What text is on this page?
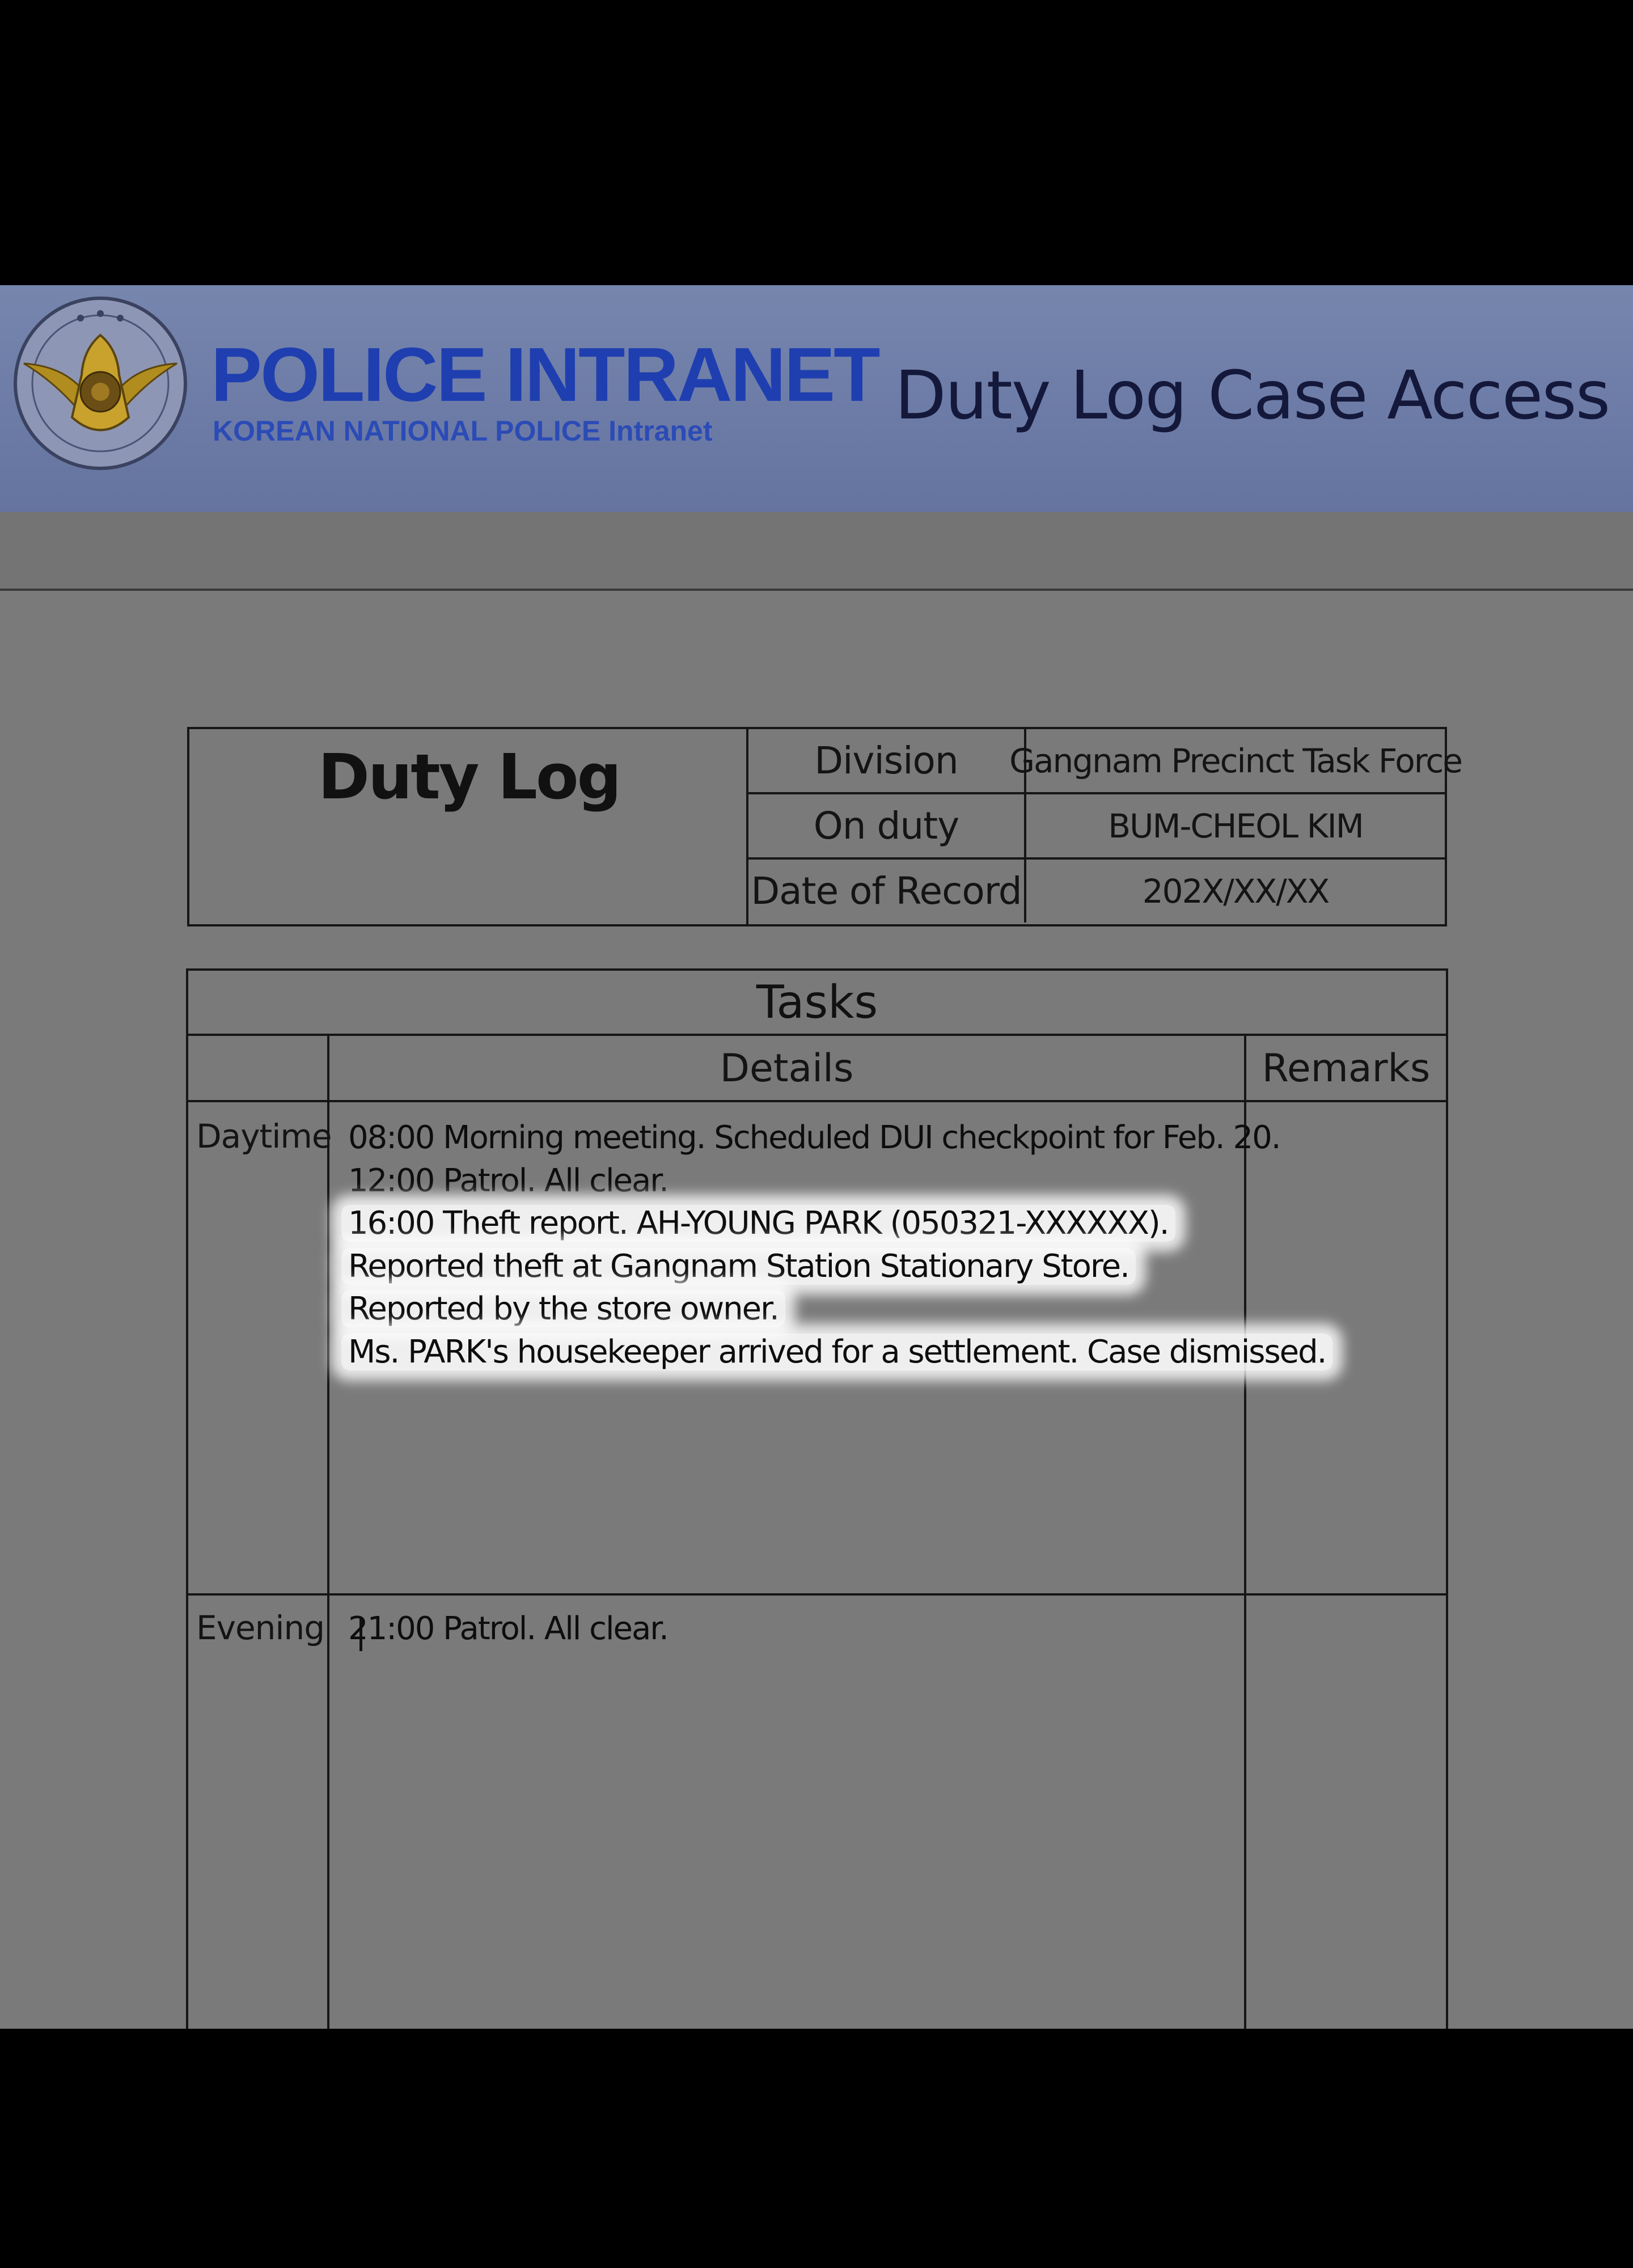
POLICE INTRANET
KOREAN NATIONAL POLICE Intranet	Duty Log Case Access
Duty Log	Division	Gangnam Precinct Task Force
On duty	BUM-CHEOL KIM
Date of Record	202X/XX/XX
Tasks
Details	Remarks
Daytime 08:00 Morning meeting. Scheduled DUI checkpoint for Feb. 20.
12:00 Patrol. All clear.
16:00 Theft report. AH-YOUNG PARK (050321-XXXXXX).
Reported theft at Gangnam Station Stationary Store.
Reported by the store owner.
Ms. PARK's housekeeper arrived for a settlement. Case dismissed.
Evening 21:00 Patrol. All clear.
